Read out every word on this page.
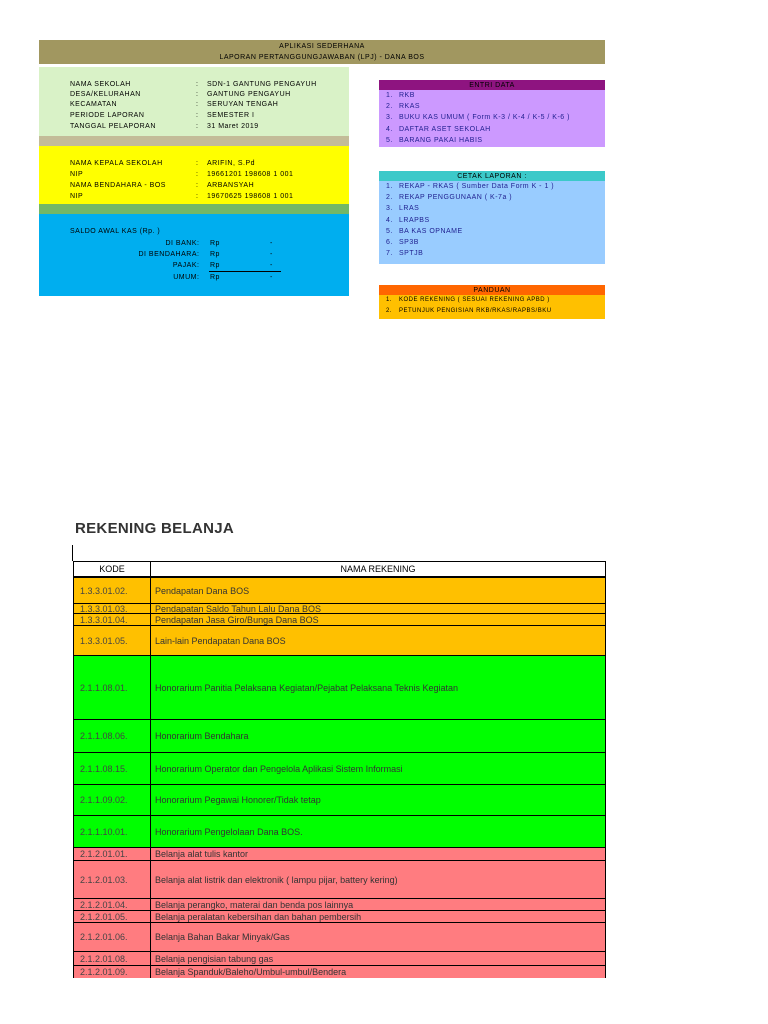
APLIKASI SEDERHANA
LAPORAN PERTANGGUNGJAWABAN (LPJ) - DANA BOS
NAMA SEKOLAH	: SDN-1 GANTUNG PENGAYUH
DESA/KELURAHAN	: GANTUNG PENGAYUH
KECAMATAN	: SERUYAN TENGAH
PERIODE LAPORAN	: SEMESTER I
TANGGAL PELAPORAN	: 31 Maret 2019
NAMA KEPALA SEKOLAH	: ARIFIN, S.Pd
NIP	: 19661201 198608 1 001
NAMA BENDAHARA - BOS	: ARBANSYAH
NIP	: 19670625 198608 1 001
SALDO AWAL KAS (Rp. )
DI BANK : Rp	-
DI BENDAHARA : Rp	-
PAJAK : Rp	-
UMUM : Rp	-
ENTRI DATA
1. RKB
2. RKAS
3. BUKU KAS UMUM ( Form K-3 / K-4 / K-5 / K-6 )
4. DAFTAR ASET SEKOLAH
5. BARANG PAKAI HABIS
CETAK LAPORAN :
1. REKAP - RKAS ( Sumber Data Form K - 1 )
2. REKAP PENGGUNAAN ( K-7a )
3. LRAS
4. LRAPBS
5. BA KAS OPNAME
6. SP3B
7. SPTJB
PANDUAN
1. KODE REKENING ( SESUAI REKENING APBD )
2. PETUNJUK PENGISIAN RKB/RKAS/RAPBS/BKU
REKENING BELANJA
KODE	NAMA REKENING
1.3.3.01.02.	Pendapatan Dana BOS
1.3.3.01.03.	Pendapatan Saldo Tahun Lalu Dana BOS
1.3.3.01.04.	Pendapatan Jasa Giro/Bunga Dana BOS
1.3.3.01.05.	Lain-lain Pendapatan Dana BOS
2.1.1.08.01.	Honorarium Panitia Pelaksana Kegiatan/Pejabat Pelaksana Teknis Kegiatan
2.1.1.08.06.	Honorarium Bendahara
2.1.1.08.15.	Honorarium Operator dan Pengelola Aplikasi Sistem Informasi
2.1.1.09.02.	Honorarium Pegawai Honorer/Tidak tetap
2.1.1.10.01.	Honorarium Pengelolaan Dana BOS.
2.1.2.01.01.	Belanja alat tulis kantor
2.1.2.01.03.	Belanja alat listrik dan elektronik ( lampu pijar, battery kering)
2.1.2.01.04.	Belanja perangko, materai dan benda pos lainnya
2.1.2.01.05.	Belanja peralatan kebersihan dan bahan pembersih
2.1.2.01.06.	Belanja Bahan Bakar Minyak/Gas
2.1.2.01.08.	Belanja pengisian tabung gas
2.1.2.01.09.	Belanja Spanduk/Baleho/Umbul-umbul/Bendera
